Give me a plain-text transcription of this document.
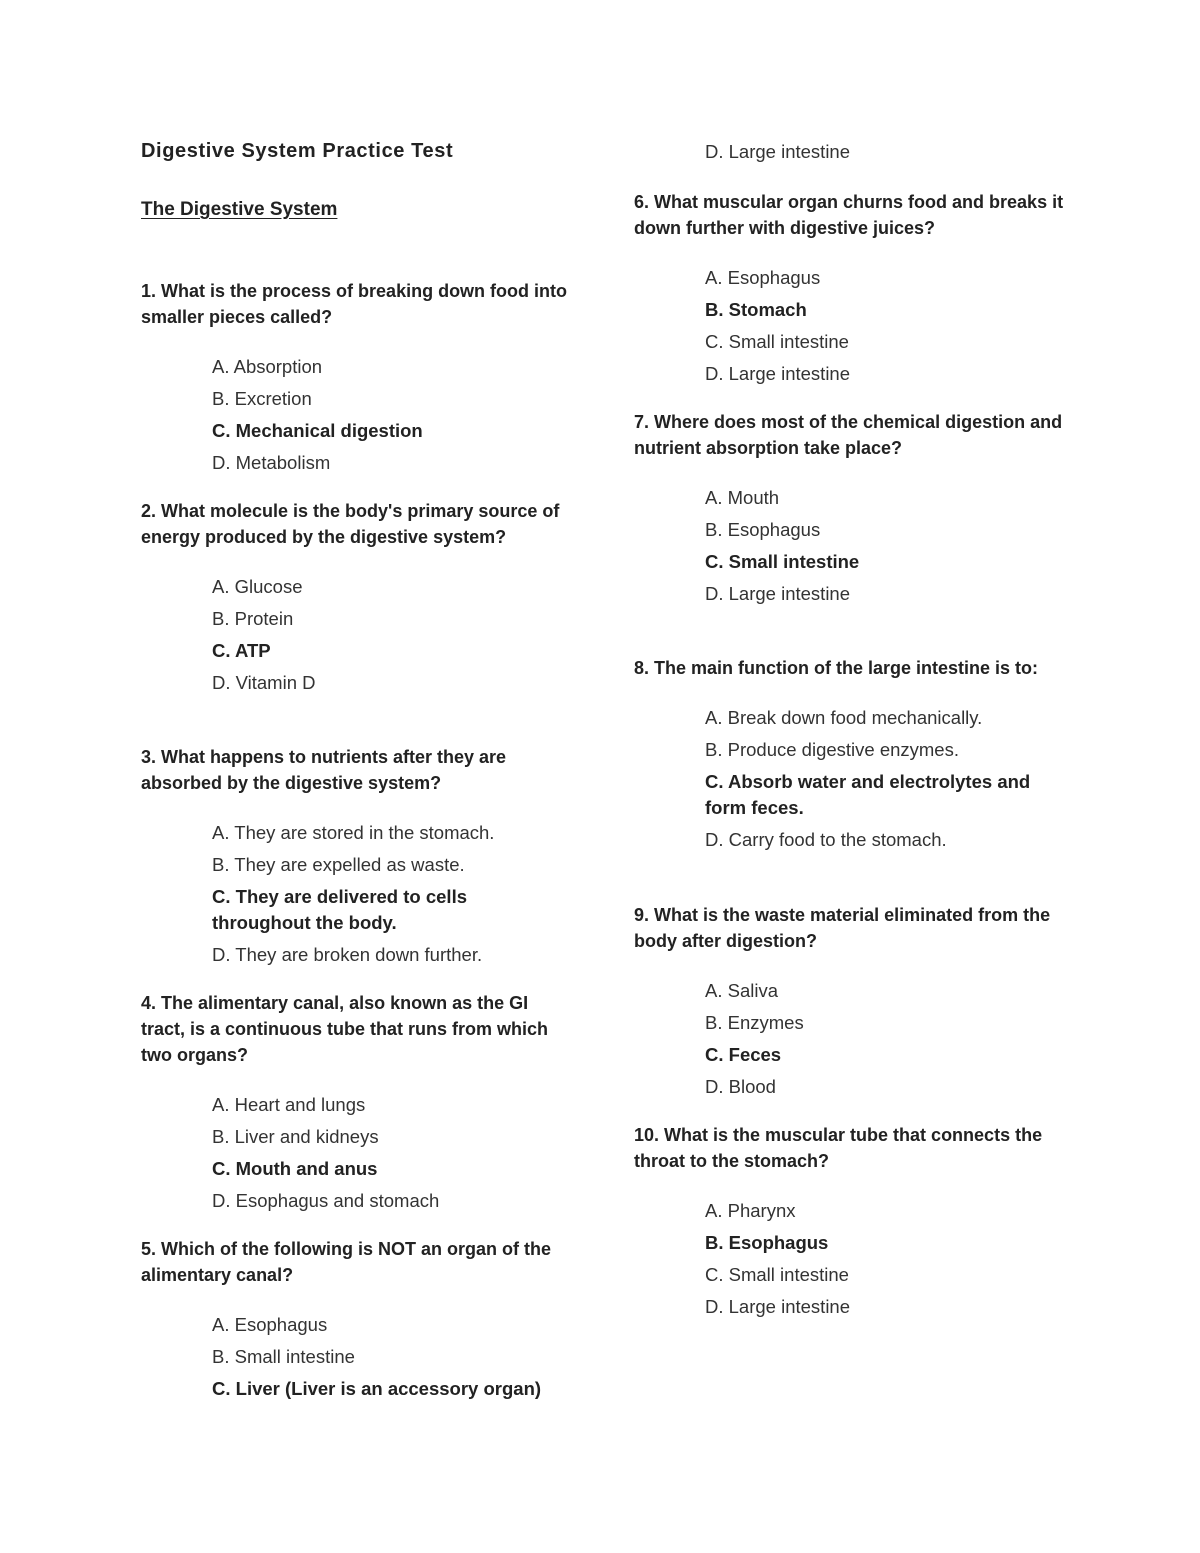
Digestive System Practice Test
The Digestive System

1. What is the process of breaking down food into smaller pieces called?

A. Absorption
B. Excretion
C. Mechanical digestion
D. Metabolism

2. What molecule is the body's primary source of energy produced by the digestive system?

A. Glucose
B. Protein
C. ATP
D. Vitamin D

3. What happens to nutrients after they are absorbed by the digestive system?

A. They are stored in the stomach.
B. They are expelled as waste.
C. They are delivered to cells throughout the body.
D. They are broken down further.

4. The alimentary canal, also known as the GI tract, is a continuous tube that runs from which two organs?

A. Heart and lungs
B. Liver and kidneys
C. Mouth and anus
D. Esophagus and stomach

5. Which of the following is NOT an organ of the alimentary canal?

A. Esophagus
B. Small intestine
C. Liver (Liver is an accessory organ)
D. Large intestine

6. What muscular organ churns food and breaks it down further with digestive juices?

A. Esophagus
B. Stomach
C. Small intestine
D. Large intestine

7. Where does most of the chemical digestion and nutrient absorption take place?

A. Mouth
B. Esophagus
C. Small intestine
D. Large intestine

8. The main function of the large intestine is to:

A. Break down food mechanically.
B. Produce digestive enzymes.
C. Absorb water and electrolytes and form feces.
D. Carry food to the stomach.

9. What is the waste material eliminated from the body after digestion?

A. Saliva
B. Enzymes
C. Feces
D. Blood

10. What is the muscular tube that connects the throat to the stomach?

A. Pharynx
B. Esophagus
C. Small intestine
D. Large intestine
